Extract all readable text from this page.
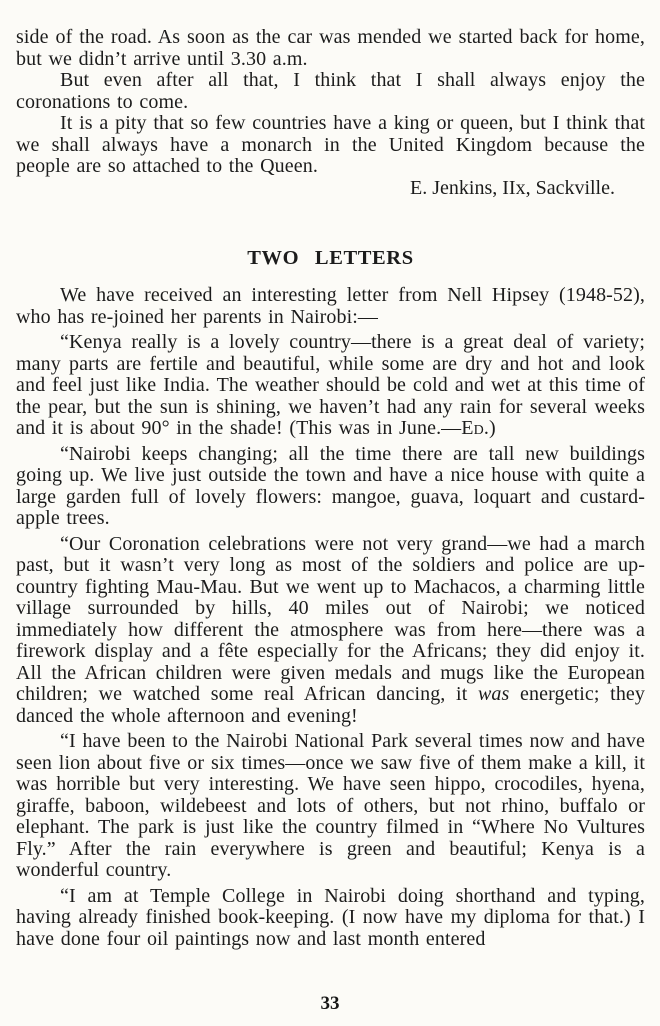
side of the road. As soon as the car was mended we started back for home, but we didn’t arrive until 3.30 a.m.

But even after all that, I think that I shall always enjoy the coronations to come.

It is a pity that so few countries have a king or queen, but I think that we shall always have a monarch in the United Kingdom because the people are so attached to the Queen.

E. Jenkins, IIx, Sackville.

TWO LETTERS

We have received an interesting letter from Nell Hipsey (1948-52), who has re-joined her parents in Nairobi:—

“Kenya really is a lovely country—there is a great deal of variety; many parts are fertile and beautiful, while some are dry and hot and look and feel just like India. The weather should be cold and wet at this time of the pear, but the sun is shining, we haven’t had any rain for several weeks and it is about 90° in the shade! (This was in June.—Ed.)

“Nairobi keeps changing; all the time there are tall new buildings going up. We live just outside the town and have a nice house with quite a large garden full of lovely flowers: mangoe, guava, loquart and custard-apple trees.

“Our Coronation celebrations were not very grand—we had a march past, but it wasn’t very long as most of the soldiers and police are up-country fighting Mau-Mau. But we went up to Machacos, a charming little village surrounded by hills, 40 miles out of Nairobi; we noticed immediately how different the atmosphere was from here—there was a firework display and a fête especially for the Africans; they did enjoy it. All the African children were given medals and mugs like the European children; we watched some real African dancing, it was energetic; they danced the whole afternoon and evening!

“I have been to the Nairobi National Park several times now and have seen lion about five or six times—once we saw five of them make a kill, it was horrible but very interesting. We have seen hippo, crocodiles, hyena, giraffe, baboon, wildebeest and lots of others, but not rhino, buffalo or elephant. The park is just like the country filmed in “Where No Vultures Fly.” After the rain everywhere is green and beautiful; Kenya is a wonderful country.

“I am at Temple College in Nairobi doing shorthand and typing, having already finished book-keeping. (I now have my diploma for that.) I have done four oil paintings now and last month entered

33
